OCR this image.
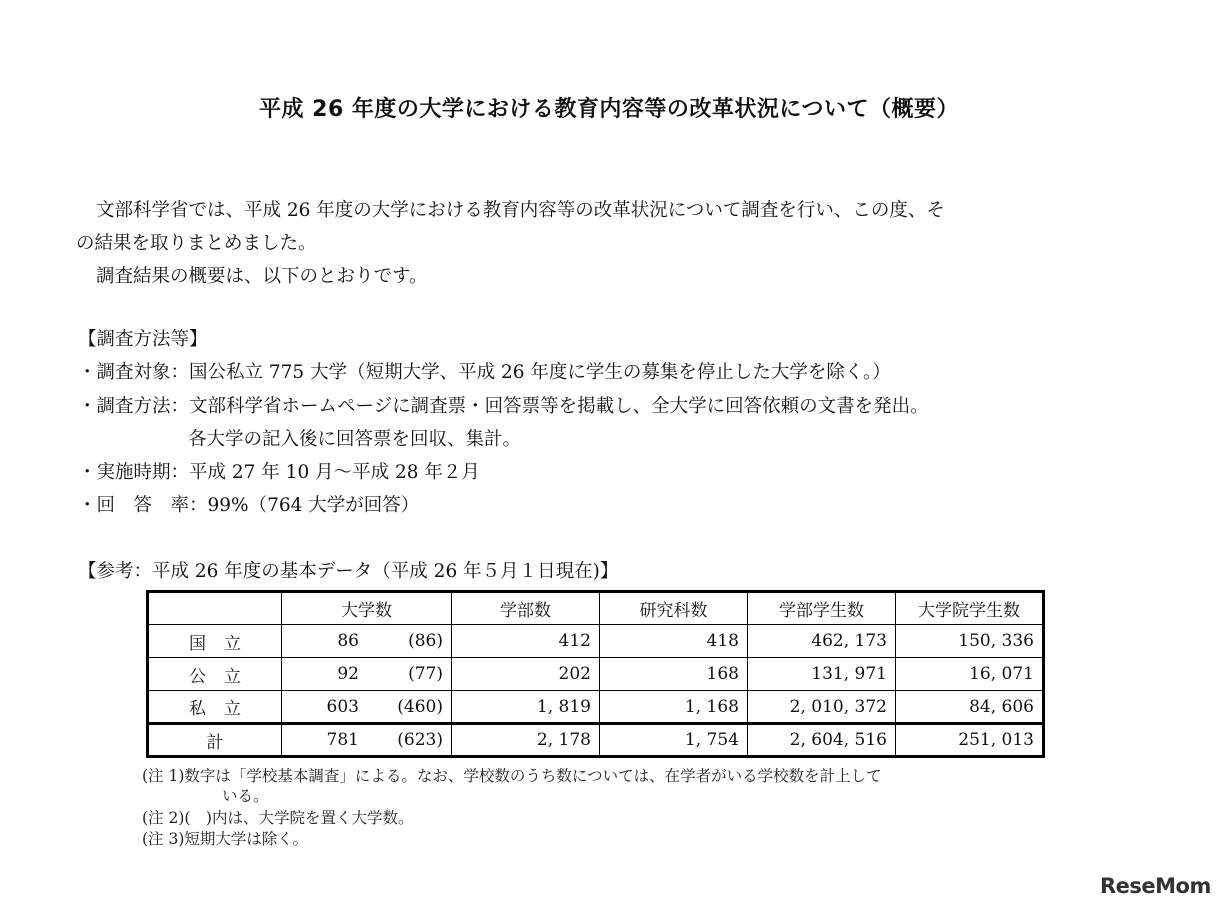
平成 26 年度の大学における教育内容等の改革状況について（概要）
文部科学省では、平成 26 年度の大学における教育内容等の改革状況について調査を行い、この度、そ
の結果を取りまとめました。
調査結果の概要は、以下のとおりです。
【調査方法等】
・調査対象：国公私立 775 大学（短期大学、平成 26 年度に学生の募集を停止した大学を除く。）
・調査方法：文部科学省ホームページに調査票・回答票等を掲載し、全大学に回答依頼の文書を発出。
各大学の記入後に回答票を回収、集計。
・実施時期：平成 27 年 10 月～平成 28 年２月
・回　答　率：99%（764 大学が回答）
【参考：平成 26 年度の基本データ（平成 26 年５月１日現在)】
	大学数	学部数	研究科数	学部学生数	大学院学生数
国立	86 (86)	412	418	462, 173	150, 336
公立	92 (77)	202	168	131, 971	16, 071
私立	603 (460)	1, 819	1, 168	2, 010, 372	84, 606
計	781 (623)	2, 178	1, 754	2, 604, 516	251, 013
(注 1)数字は「学校基本調査」による。なお、学校数のうち数については、在学者がいる学校数を計上して
いる。
(注 2)(　)内は、大学院を置く大学数。
(注 3)短期大学は除く。
ReseMom
